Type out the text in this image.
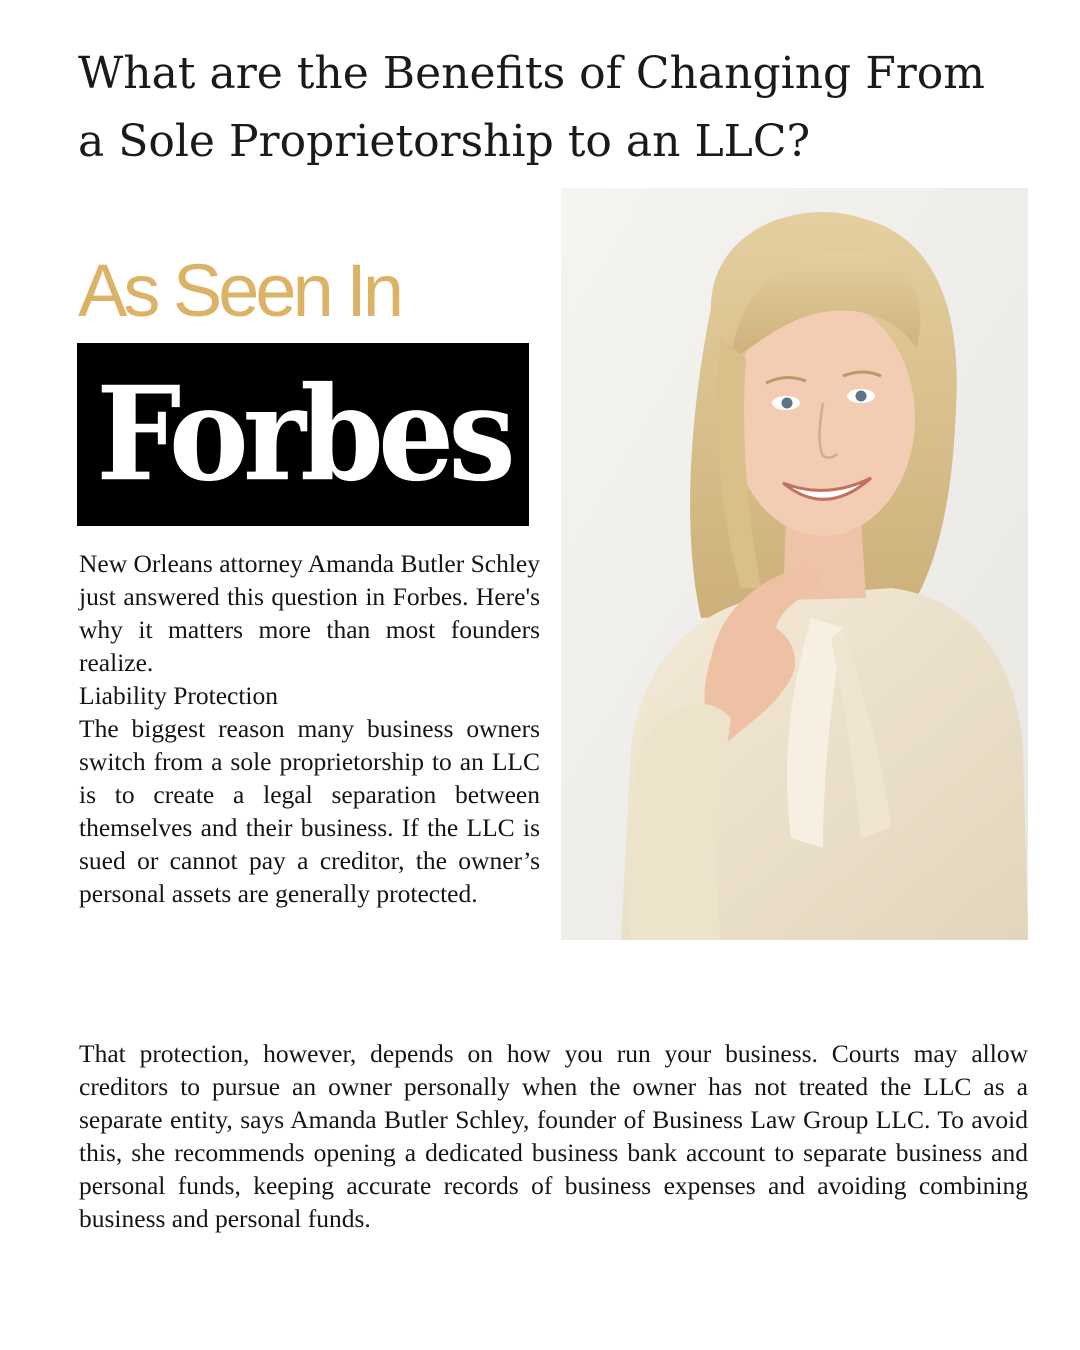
What are the Benefits of Changing From
a Sole Proprietorship to an LLC?
As Seen In
Forbes

New Orleans attorney Amanda Butler Schley just answered this question in Forbes. Here's why it matters more than most founders realize.

Liability Protection

The biggest reason many business owners switch from a sole proprietorship to an LLC is to create a legal separation between themselves and their business. If the LLC is sued or cannot pay a creditor, the owner’s personal assets are generally protected.

That protection, however, depends on how you run your business. Courts may allow creditors to pursue an owner personally when the owner has not treated the LLC as a separate entity, says Amanda Butler Schley, founder of Business Law Group LLC. To avoid this, she recommends opening a dedicated business bank account to separate business and personal funds, keeping accurate records of business expenses and avoiding combining business and personal funds.
